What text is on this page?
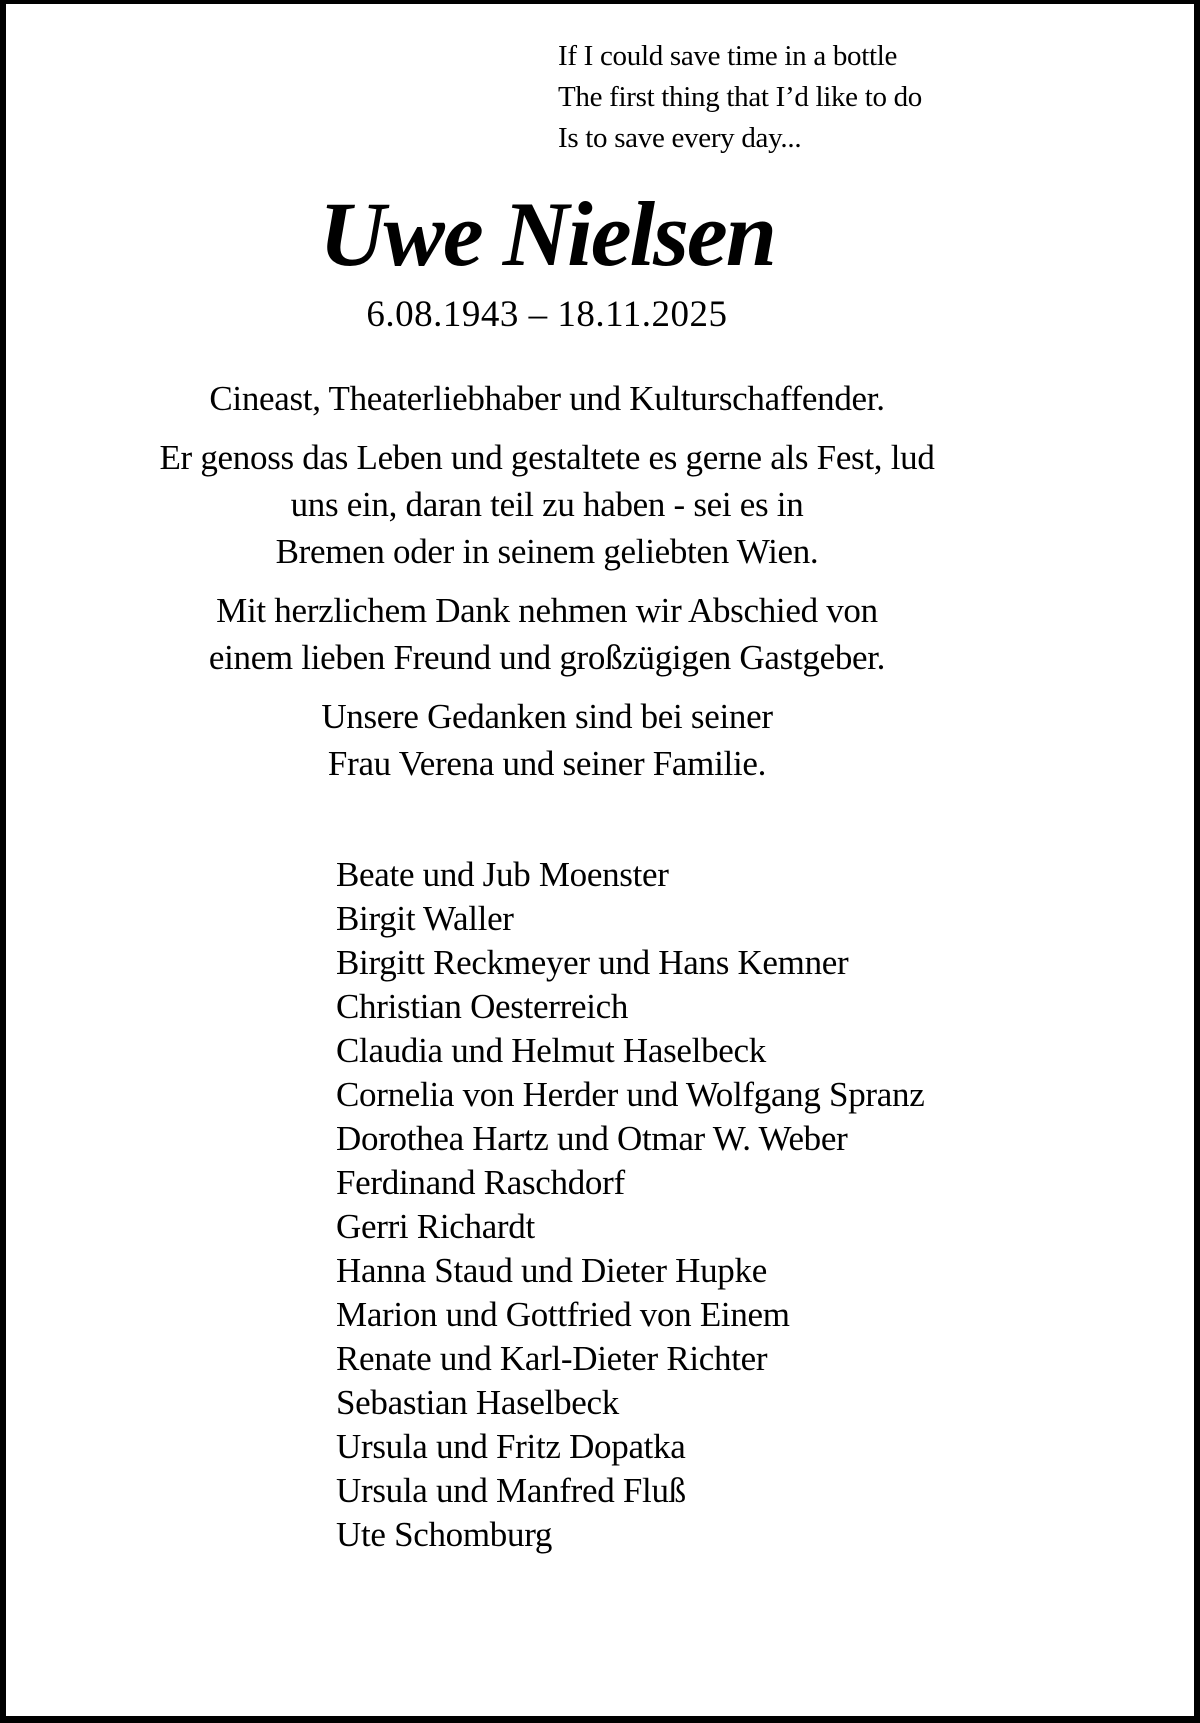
If I could save time in a bottle
The first thing that I’d like to do
Is to save every day...
Uwe Nielsen
6.08.1943 – 18.11.2025

Cineast, Theaterliebhaber und Kulturschaffender.

Er genoss das Leben und gestaltete es gerne als Fest, lud
uns ein, daran teil zu haben - sei es in
Bremen oder in seinem geliebten Wien.

Mit herzlichem Dank nehmen wir Abschied von
einem lieben Freund und großzügigen Gastgeber.

Unsere Gedanken sind bei seiner
Frau Verena und seiner Familie.

Beate und Jub Moenster
Birgit Waller
Birgitt Reckmeyer und Hans Kemner
Christian Oesterreich
Claudia und Helmut Haselbeck
Cornelia von Herder und Wolfgang Spranz
Dorothea Hartz und Otmar W. Weber
Ferdinand Raschdorf
Gerri Richardt
Hanna Staud und Dieter Hupke
Marion und Gottfried von Einem
Renate und Karl-Dieter Richter
Sebastian Haselbeck
Ursula und Fritz Dopatka
Ursula und Manfred Fluß
Ute Schomburg
